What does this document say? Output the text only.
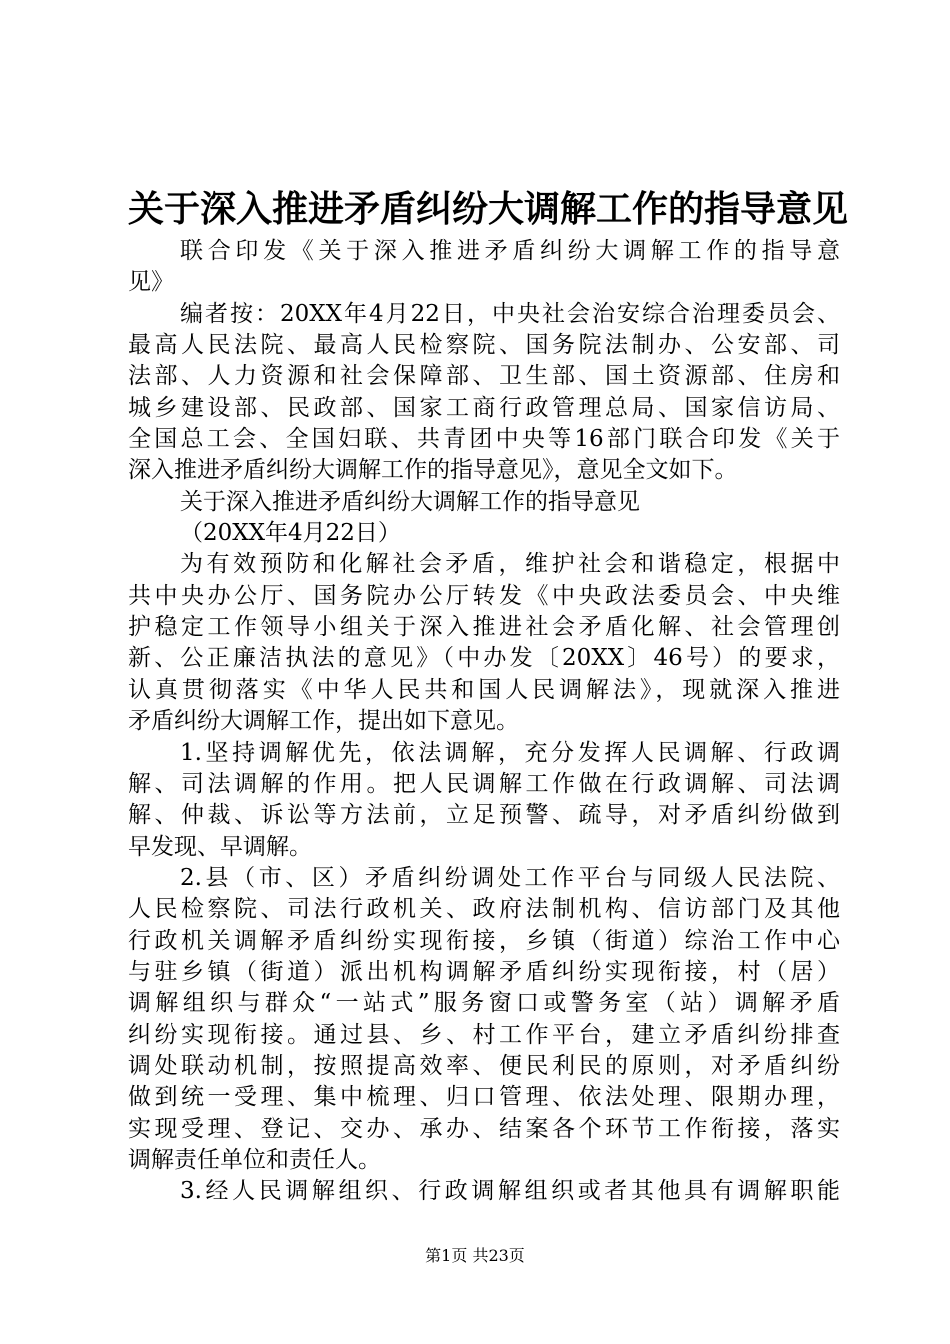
关于深入推进矛盾纠纷大调解工作的指导意见
联合印发《关于深入推进矛盾纠纷大调解工作的指导意
见》
编者按：20XX年4月22日，中央社会治安综合治理委员会、
最高人民法院、最高人民检察院、国务院法制办、公安部、司
法部、人力资源和社会保障部、卫生部、国土资源部、住房和
城乡建设部、民政部、国家工商行政管理总局、国家信访局、
全国总工会、全国妇联、共青团中央等16部门联合印发《关于
深入推进矛盾纠纷大调解工作的指导意见》，意见全文如下。
关于深入推进矛盾纠纷大调解工作的指导意见
（20XX年4月22日）
为有效预防和化解社会矛盾，维护社会和谐稳定，根据中
共中央办公厅、国务院办公厅转发《中央政法委员会、中央维
护稳定工作领导小组关于深入推进社会矛盾化解、社会管理创
新、公正廉洁执法的意见》（中办发〔20XX〕46号）的要求，
认真贯彻落实《中华人民共和国人民调解法》，现就深入推进
矛盾纠纷大调解工作，提出如下意见。
1.坚持调解优先，依法调解，充分发挥人民调解、行政调
解、司法调解的作用。把人民调解工作做在行政调解、司法调
解、仲裁、诉讼等方法前，立足预警、疏导，对矛盾纠纷做到
早发现、早调解。
2.县（市、区）矛盾纠纷调处工作平台与同级人民法院、
人民检察院、司法行政机关、政府法制机构、信访部门及其他
行政机关调解矛盾纠纷实现衔接，乡镇（街道）综治工作中心
与驻乡镇（街道）派出机构调解矛盾纠纷实现衔接，村（居）
调解组织与群众“一站式”服务窗口或警务室（站）调解矛盾
纠纷实现衔接。通过县、乡、村工作平台，建立矛盾纠纷排查
调处联动机制，按照提高效率、便民利民的原则，对矛盾纠纷
做到统一受理、集中梳理、归口管理、依法处理、限期办理，
实现受理、登记、交办、承办、结案各个环节工作衔接，落实
调解责任单位和责任人。
3.经人民调解组织、行政调解组织或者其他具有调解职能
第1页 共23页
